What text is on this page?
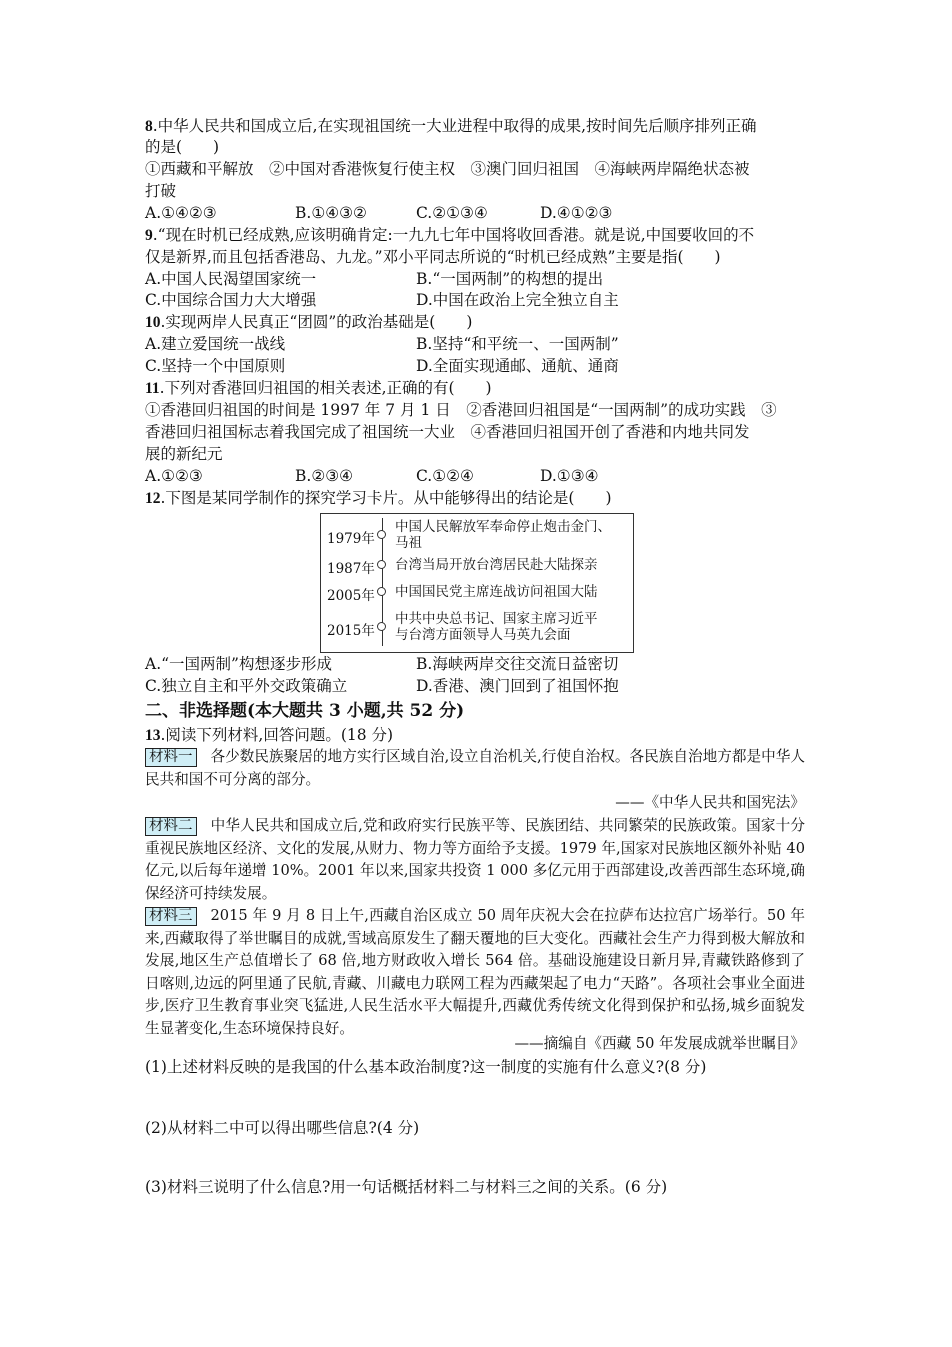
8.中华人民共和国成立后,在实现祖国统一大业进程中取得的成果,按时间先后顺序排列正确
的是(　　)
①西藏和平解放　②中国对香港恢复行使主权　③澳门回归祖国　④海峡两岸隔绝状态被
打破
A.①④②③	B.①④③②	C.②①③④	D.④①②③
9.“现在时机已经成熟,应该明确肯定:一九九七年中国将收回香港。就是说,中国要收回的不
仅是新界,而且包括香港岛、九龙。”邓小平同志所说的“时机已经成熟”主要是指(　　)
A.中国人民渴望国家统一	B.“一国两制”的构想的提出
C.中国综合国力大大增强	D.中国在政治上完全独立自主
10.实现两岸人民真正“团圆”的政治基础是(　　)
A.建立爱国统一战线	B.坚持“和平统一、一国两制”
C.坚持一个中国原则	D.全面实现通邮、通航、通商
11.下列对香港回归祖国的相关表述,正确的有(　　)
①香港回归祖国的时间是 1997 年 7 月 1 日　②香港回归祖国是“一国两制”的成功实践　③
香港回归祖国标志着我国完成了祖国统一大业　④香港回归祖国开创了香港和内地共同发
展的新纪元
A.①②③	B.②③④	C.①②④	D.①③④
12.下图是某同学制作的探究学习卡片。从中能够得出的结论是(　　)
1979年
中国人民解放军奉命停止炮击金门、
马祖
1987年 台湾当局开放台湾居民赴大陆探亲
2005年 中国国民党主席连战访问祖国大陆
2015年
中共中央总书记、国家主席习近平
与台湾方面领导人马英九会面
A.“一国两制”构想逐步形成	B.海峡两岸交往交流日益密切
C.独立自主和平外交政策确立	D.香港、澳门回到了祖国怀抱
二、非选择题(本大题共 3 小题,共 52 分)
13.阅读下列材料,回答问题。(18 分)
材料一 各少数民族聚居的地方实行区域自治,设立自治机关,行使自治权。各民族自治地方都是中华人民共和国不可分离的部分。
——《中华人民共和国宪法》
材料二 中华人民共和国成立后,党和政府实行民族平等、民族团结、共同繁荣的民族政策。国家十分重视民族地区经济、文化的发展,从财力、物力等方面给予支援。1979 年,国家对民族地区额外补贴 40 亿元,以后每年递增 10%。2001 年以来,国家共投资 1 000 多亿元用于西部建设,改善西部生态环境,确保经济可持续发展。
材料三 2015 年 9 月 8 日上午,西藏自治区成立 50 周年庆祝大会在拉萨布达拉宫广场举行。50 年来,西藏取得了举世瞩目的成就,雪域高原发生了翻天覆地的巨大变化。西藏社会生产力得到极大解放和发展,地区生产总值增长了 68 倍,地方财政收入增长 564 倍。基础设施建设日新月异,青藏铁路修到了日喀则,边远的阿里通了民航,青藏、川藏电力联网工程为西藏架起了电力“天路”。各项社会事业全面进步,医疗卫生教育事业突飞猛进,人民生活水平大幅提升,西藏优秀传统文化得到保护和弘扬,城乡面貌发生显著变化,生态环境保持良好。
——摘编自《西藏 50 年发展成就举世瞩目》
(1)上述材料反映的是我国的什么基本政治制度?这一制度的实施有什么意义?(8 分)
(2)从材料二中可以得出哪些信息?(4 分)
(3)材料三说明了什么信息?用一句话概括材料二与材料三之间的关系。(6 分)
